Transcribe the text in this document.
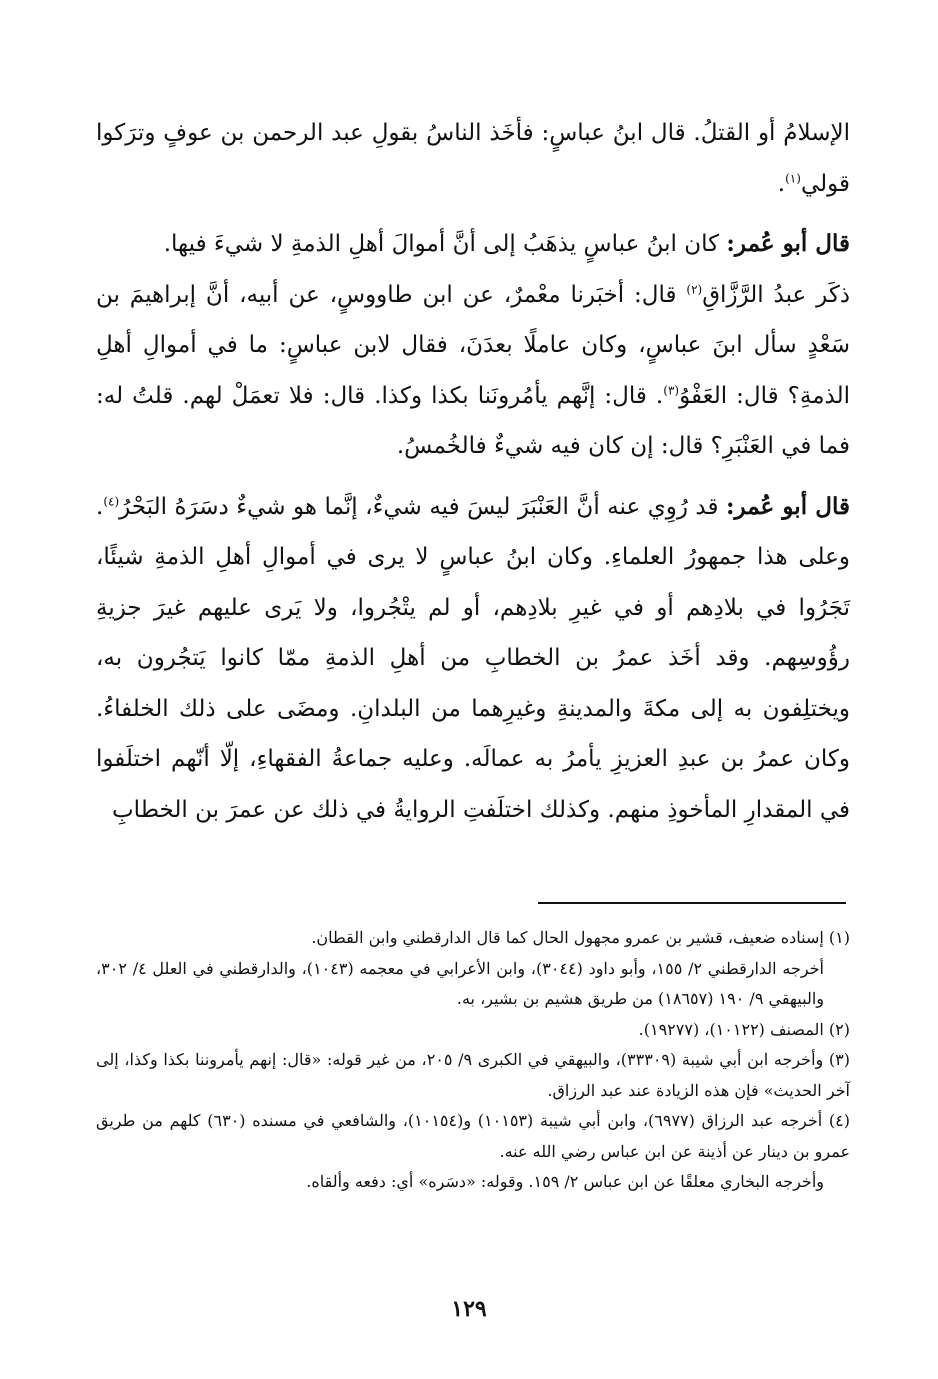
الإسلامُ أو القتلُ. قال ابنُ عباسٍ: فأخَذ الناسُ بقولِ عبد الرحمن بن عوفٍ وترَكوا قولي$^{(١)}$.

قال أبو عُمر: كان ابنُ عباسٍ يذهَبُ إلى أنَّ أموالَ أهلِ الذمةِ لا شيءَ فيها.

ذكَر عبدُ الرَّزَّاقِ$^{(٢)}$ قال: أخبَرنا معْمرٌ، عن ابن طاووسٍ، عن أبيه، أنَّ إبراهيمَ بن سَعْدٍ سأل ابنَ عباسٍ، وكان عاملًا بعدَنَ، فقال لابن عباسٍ: ما في أموالِ أهلِ الذمةِ؟ قال: العَفْوُ$^{(٣)}$. قال: إنَّهم يأمُرونَنا بكذا وكذا. قال: فلا تعمَلْ لهم. قلتُ له: فما في العَنْبَرِ؟ قال: إن كان فيه شيءٌ فالخُمسُ.

قال أبو عُمر: قد رُوِي عنه أنَّ العَنْبَرَ ليسَ فيه شيءٌ، إنَّما هو شيءٌ دسَرَهُ البَحْرُ$^{(٤)}$. وعلى هذا جمهورُ العلماءِ. وكان ابنُ عباسٍ لا يرى في أموالِ أهلِ الذمةِ شيئًا، تَجَرُوا في بلادِهم أو في غيرِ بلادِهم، أو لم يتْجُروا، ولا يَرى عليهم غيرَ جزيةِ رؤُوسِهم. وقد أخَذ عمرُ بن الخطابِ من أهلِ الذمةِ ممّا كانوا يَتجُرون به، ويختلِفون به إلى مكةَ والمدينةِ وغيرِهما من البلدانِ. ومضَى على ذلك الخلفاءُ. وكان عمرُ بن عبدِ العزيزِ يأمرُ به عمالَه. وعليه جماعةُ الفقهاءِ، إلّا أنّهم اختلَفوا في المقدارِ المأخوذِ منهم. وكذلك اختلَفتِ الروايةُ في ذلك عن عمرَ بن الخطابِ

(١) إسناده ضعيف، قشير بن عمرو مجهول الحال كما قال الدارقطني وابن القطان.

أخرجه الدارقطني ٢/ ١٥٥، وأبو داود (٣٠٤٤)، وابن الأعرابي في معجمه (١٠٤٣)، والدارقطني في العلل ٤/ ٣٠٢، والبيهقي ٩/ ١٩٠ (١٨٦٥٧) من طريق هشيم بن بشير، به.

(٢) المصنف (١٠١٢٢)، (١٩٢٧٧).

(٣) وأخرجه ابن أبي شيبة (٣٣٣٠٩)، والبيهقي في الكبرى ٩/ ٢٠٥، من غير قوله: «قال: إنهم يأمروننا بكذا وكذا، إلى آخر الحديث» فإن هذه الزيادة عند عبد الرزاق.

(٤) أخرجه عبد الرزاق (٦٩٧٧)، وابن أبي شيبة (١٠١٥٣) و(١٠١٥٤)، والشافعي في مسنده (٦٣٠) كلهم من طريق عمرو بن دينار عن أذينة عن ابن عباس رضي الله عنه.

وأخرجه البخاري معلقًا عن ابن عباس ٢/ ١٥٩. وقوله: «دسَره» أي: دفعه وألقاه.

١٢٩
